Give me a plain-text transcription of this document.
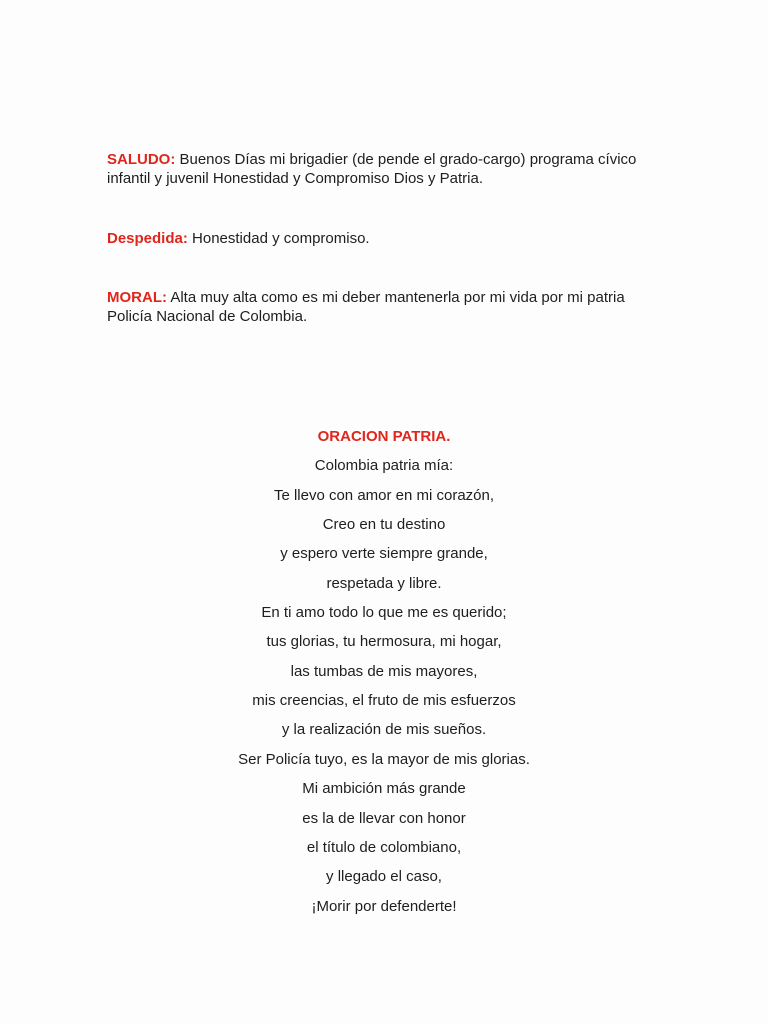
SALUDO: Buenos Días mi brigadier (de pende el grado-cargo) programa cívico infantil y juvenil Honestidad y Compromiso Dios y Patria.

Despedida: Honestidad y compromiso.

MORAL: Alta muy alta como es mi deber mantenerla por mi vida por mi patria Policía Nacional de Colombia.

ORACION PATRIA.

Colombia patria mía:

Te llevo con amor en mi corazón,

Creo en tu destino

y espero verte siempre grande,

respetada y libre.

En ti amo todo lo que me es querido;

tus glorias, tu hermosura, mi hogar,

las tumbas de mis mayores,

mis creencias, el fruto de mis esfuerzos

y la realización de mis sueños.

Ser Policía tuyo, es la mayor de mis glorias.

Mi ambición más grande

es la de llevar con honor

el título de colombiano,

y llegado el caso,

¡Morir por defenderte!
